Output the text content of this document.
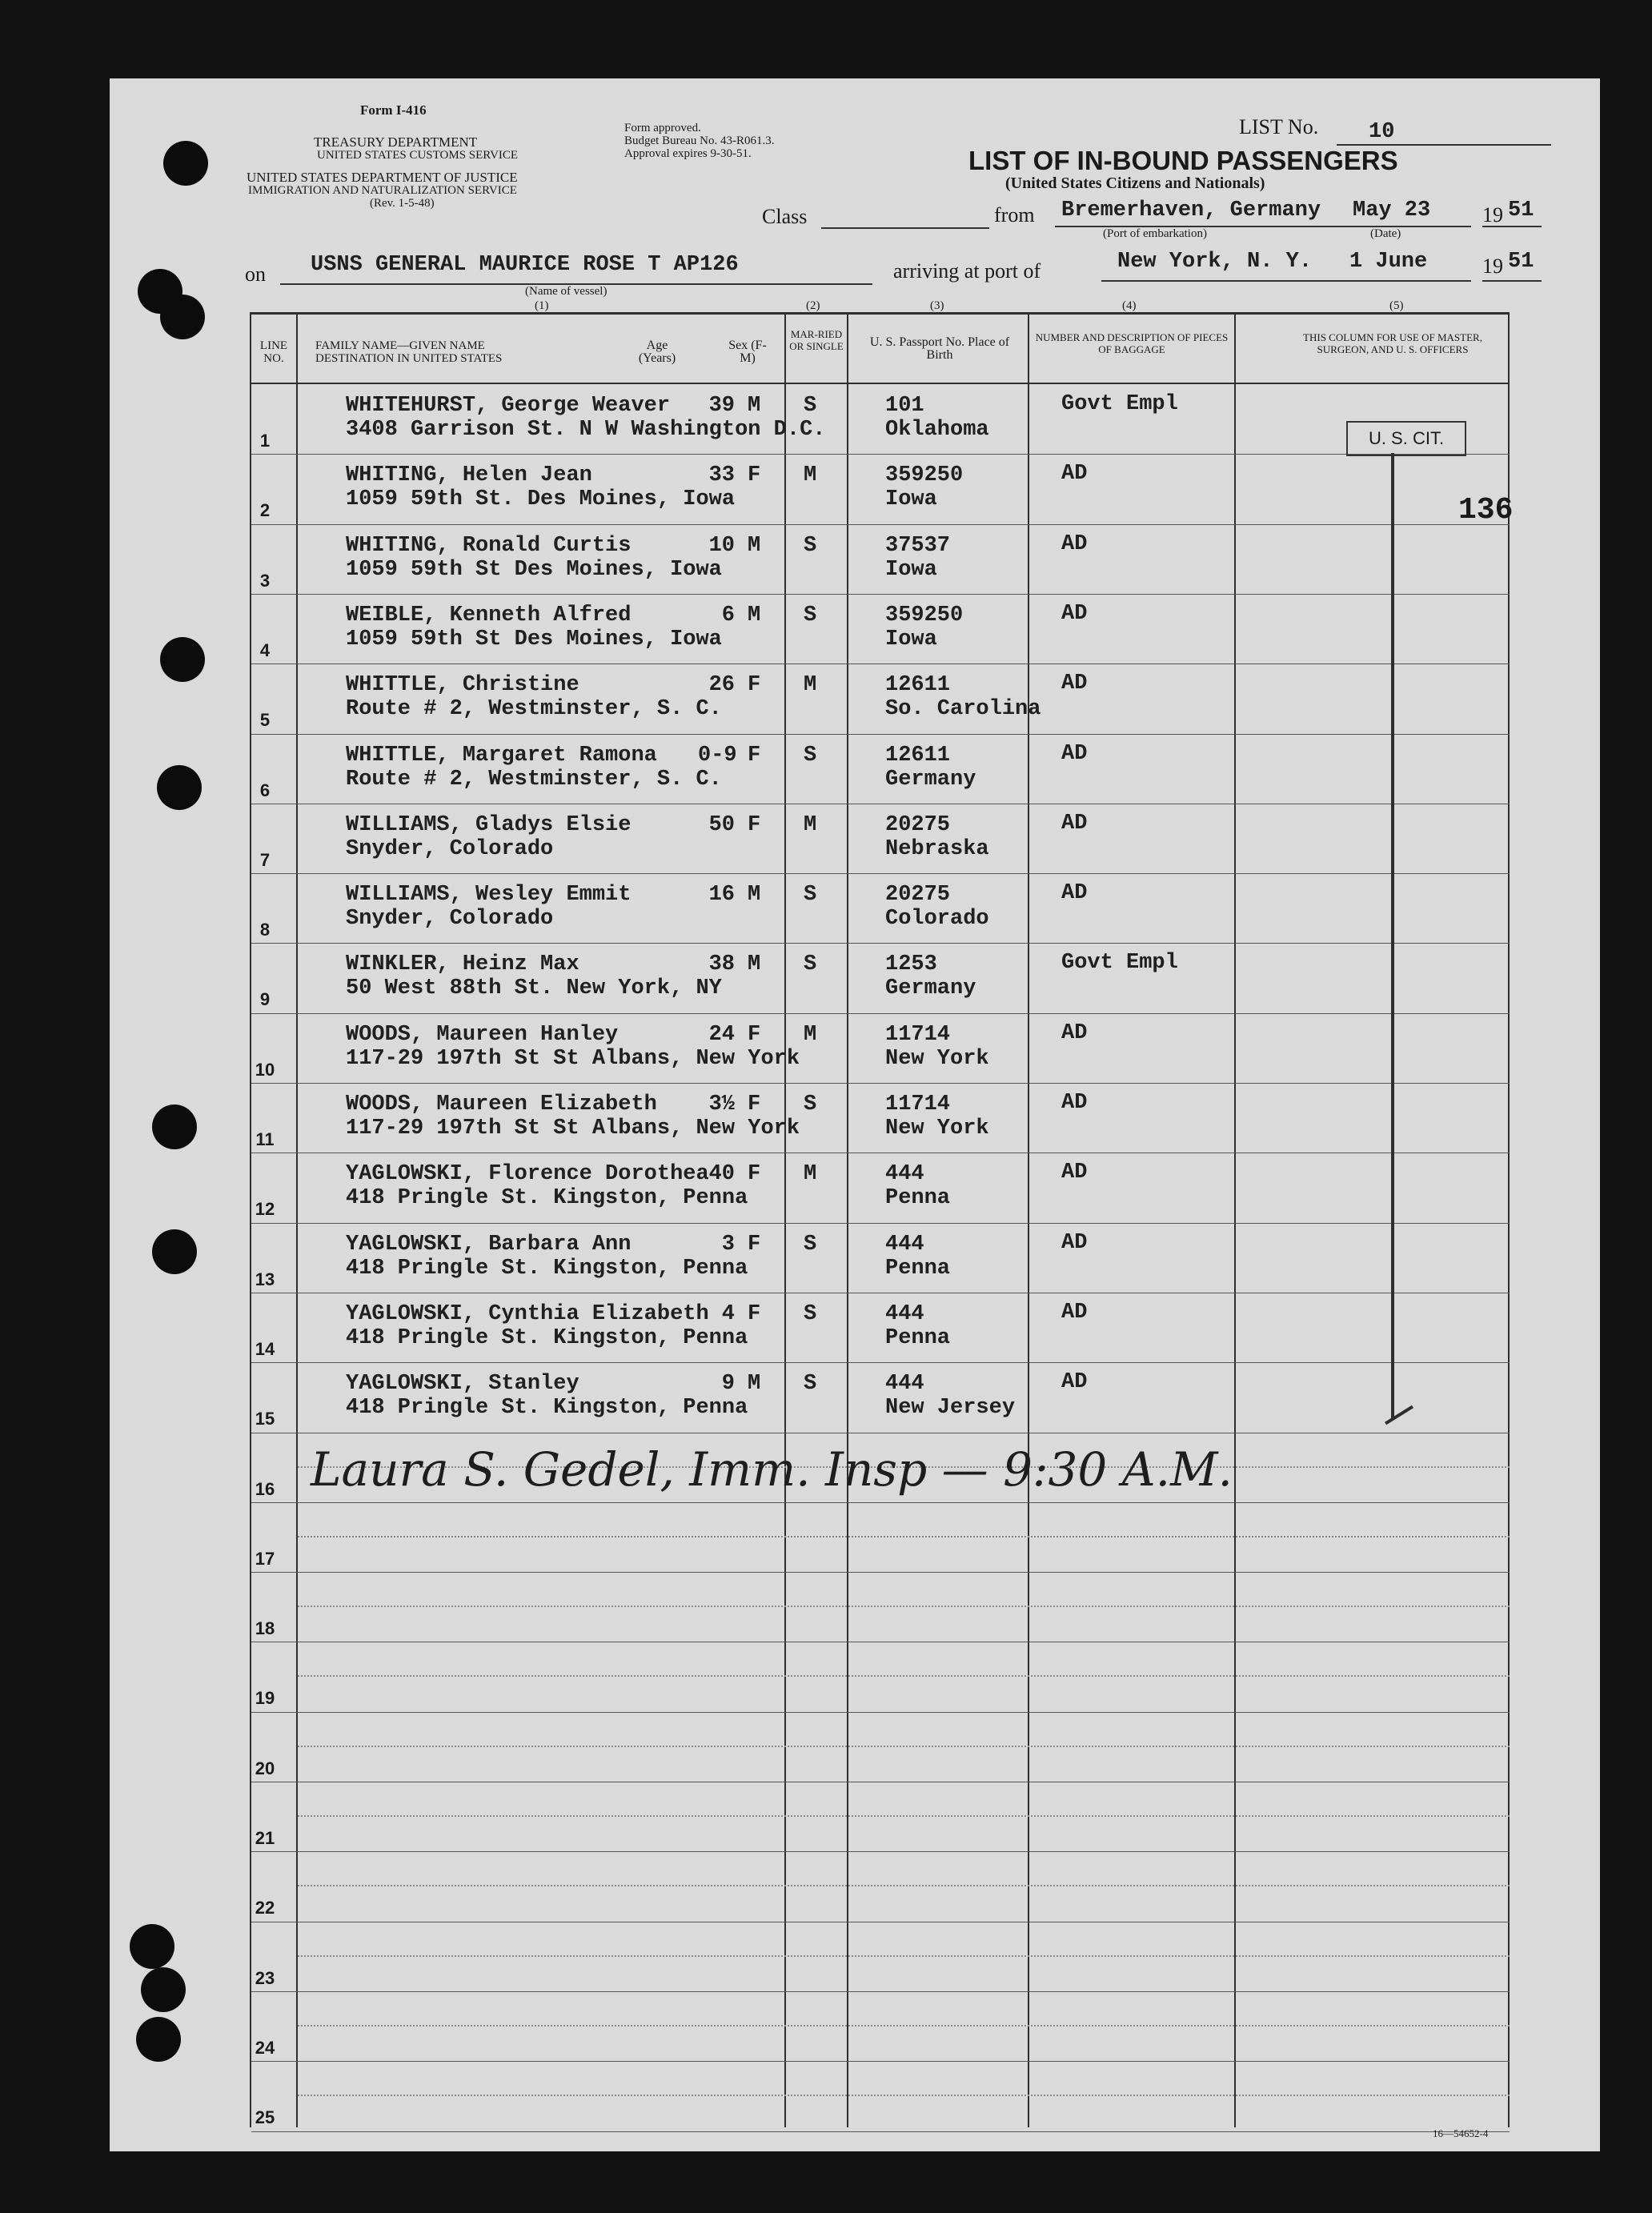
Form I-416
TREASURY DEPARTMENT
UNITED STATES CUSTOMS SERVICE
UNITED STATES DEPARTMENT OF JUSTICE
IMMIGRATION AND NATURALIZATION SERVICE
(Rev. 1-5-48)
Form approved.
Budget Bureau No. 43-R061.3.
Approval expires 9-30-51.
LIST No. 10
LIST OF IN-BOUND PASSENGERS
(United States Citizens and Nationals)
Class	from Bremerhaven, Germany May 23 19 51
(Port of embarkation)	(Date)
on USNS GENERAL MAURICE ROSE T AP126
(Name of vessel)
arriving at port of	New York, N. Y. 1 June	19 51
(1)	(2)	(3)	(4)	(5)
LINE NO.
FAMILY NAME—GIVEN NAME
DESTINATION IN UNITED STATES
Age (Years)
Sex (F-M)
MAR-RIED OR SINGLE	U. S. Passport No. Place of Birth
NUMBER AND DESCRIPTION OF PIECES OF BAGGAGE
THIS COLUMN FOR USE OF MASTER, SURGEON, AND U. S. OFFICERS
1
WHITEHURST, George Weaver
3408 Garrison St. N W Washington D.C.
39 M S	101
Oklahoma
Govt Empl
2
WHITING, Helen Jean
1059 59th St. Des Moines, Iowa
33 F M	359250
Iowa
AD
3
WHITING, Ronald Curtis
1059 59th St Des Moines, Iowa
10 M S	37537
Iowa
AD
4
WEIBLE, Kenneth Alfred
1059 59th St Des Moines, Iowa
6 M S	359250
Iowa
AD
5
WHITTLE, Christine
Route # 2, Westminster, S. C.
26 F M	12611
So. Carolina
AD
6
WHITTLE, Margaret Ramona
Route # 2, Westminster, S. C.
0-9 F S	12611
Germany
AD
7
WILLIAMS, Gladys Elsie
Snyder, Colorado
50 F M	20275
Nebraska
AD
8
WILLIAMS, Wesley Emmit
Snyder, Colorado
16 M S	20275
Colorado
AD
9
WINKLER, Heinz Max
50 West 88th St. New York, NY
38 M S	1253
Germany
Govt Empl
10
WOODS, Maureen Hanley
117-29 197th St St Albans, New York
24 F M	11714
New York
AD
11
WOODS, Maureen Elizabeth
117-29 197th St St Albans, New York
3½ F S	11714
New York
AD
12
YAGLOWSKI, Florence Dorothea
418 Pringle St. Kingston, Penna
40 F M	444
Penna
AD
13
YAGLOWSKI, Barbara Ann
418 Pringle St. Kingston, Penna
3 F S	444
Penna
AD
14
YAGLOWSKI, Cynthia Elizabeth
418 Pringle St. Kingston, Penna
4 F S	444
Penna
AD
15
YAGLOWSKI, Stanley
418 Pringle St. Kingston, Penna
9 M S	444
New Jersey
AD
16
17
18
19
20
21
22
23
24
25
U. S. CIT.
136
Laura S. Gedel, Imm. Insp — 9:30 A.M.
16—54652-4
